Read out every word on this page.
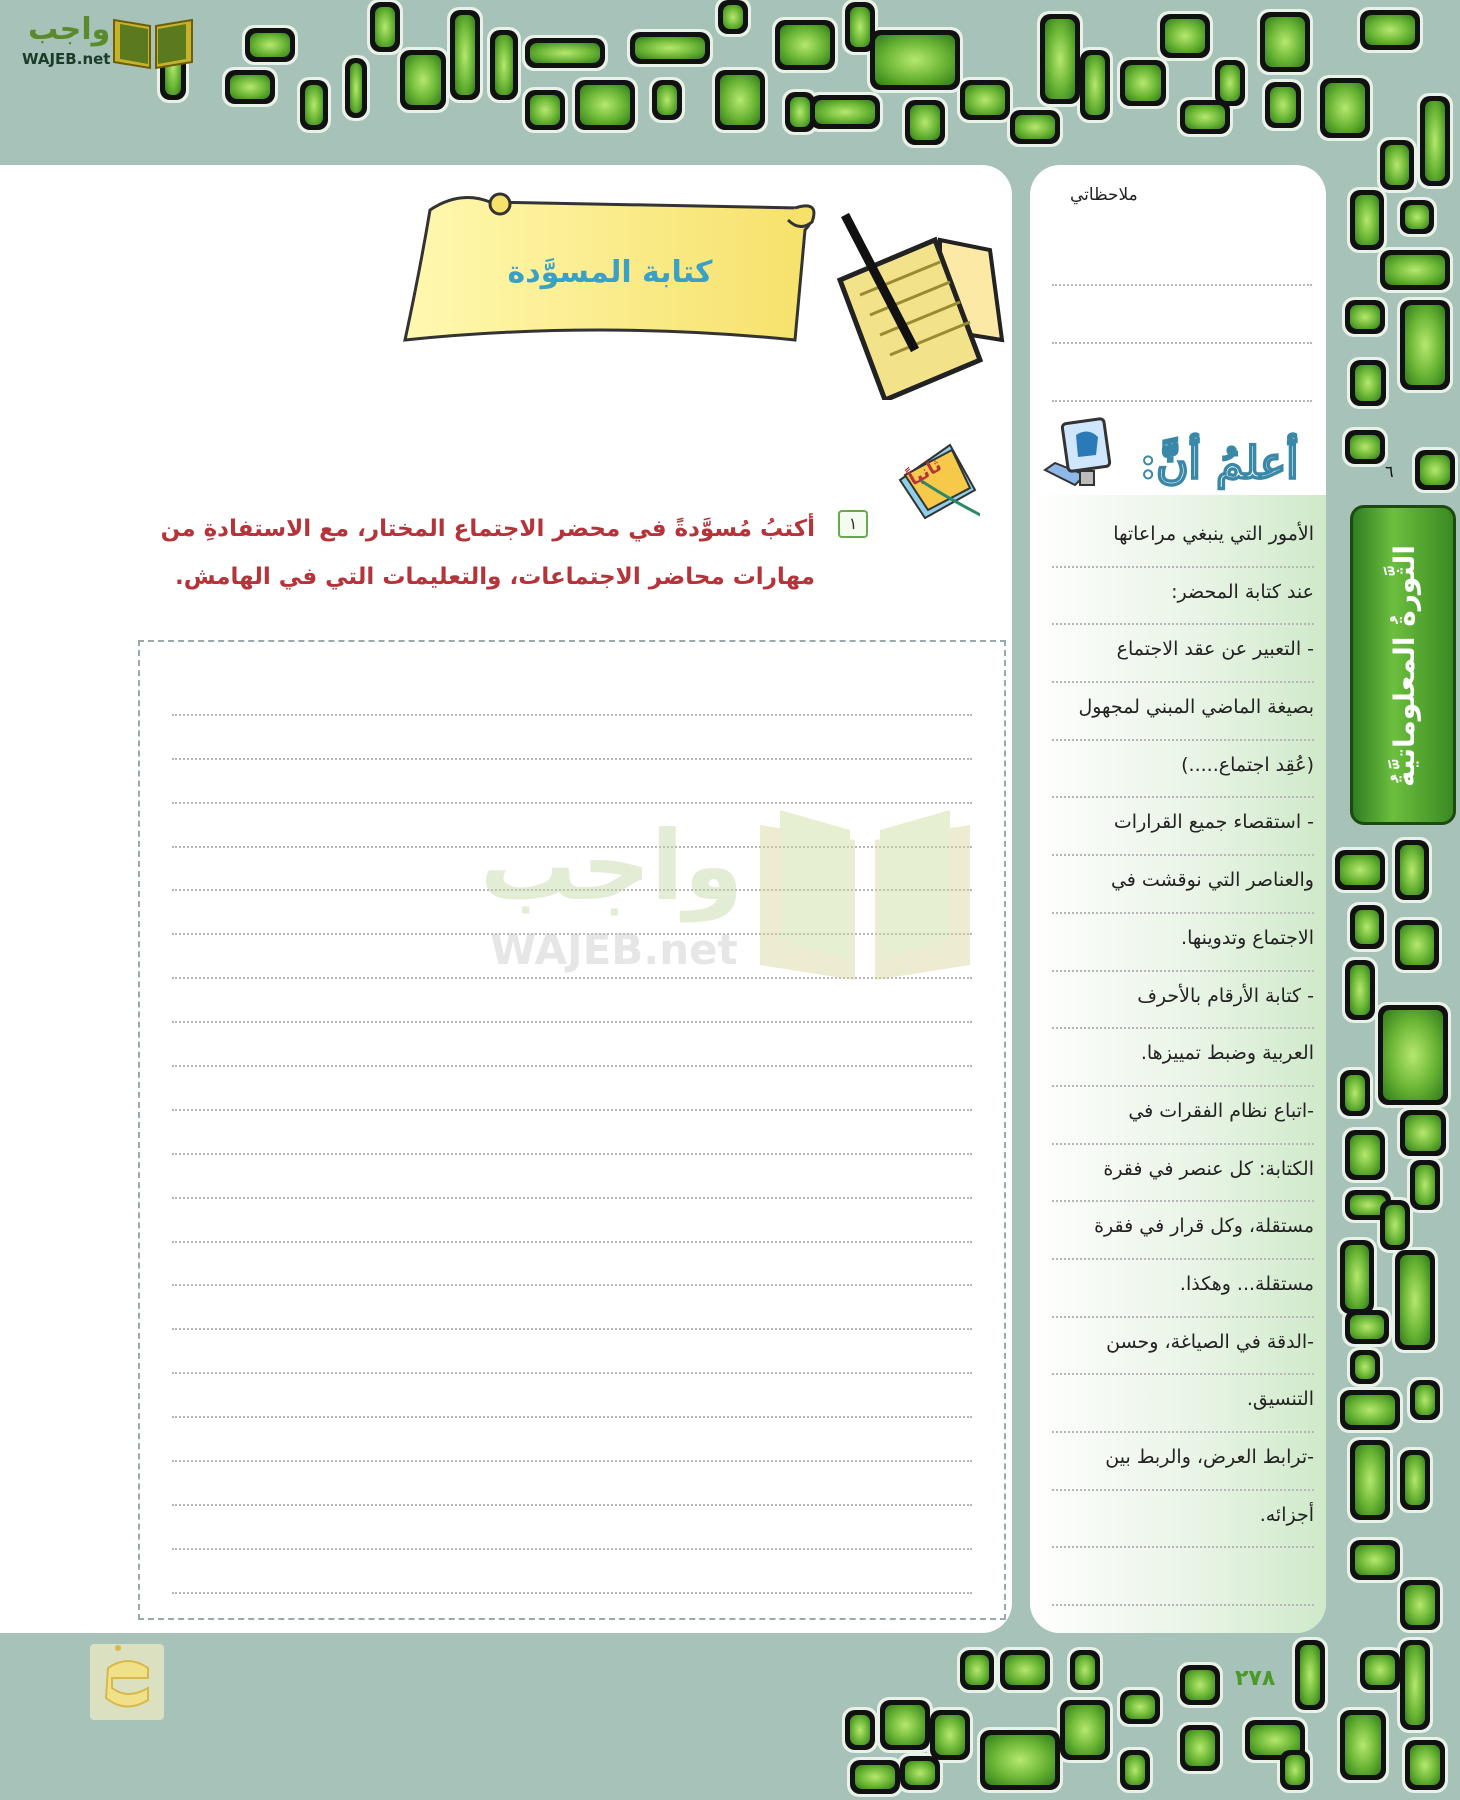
واجب
WAJEB.net
كتابة المسوَّدة
ثانياً
١
أكتبُ مُسوَّدةً في محضر الاجتماع المختار، مع الاستفادةِ من
مهارات محاضر الاجتماعات، والتعليمات التي في الهامش.
واجب
WAJEB.net
ملاحظاتي
أعلمُ أنَّ:
الأمور التي ينبغي مراعاتها
عند كتابة المحضر:
- التعبير عن عقد الاجتماع
بصيغة الماضي المبني لمجهول
(عُقِد اجتماع.....)
- استقصاء جميع القرارات
والعناصر التي نوقشت في
الاجتماع وتدوينها.
- كتابة الأرقام بالأحرف
العربية وضبط تمييزها.
-اتباع نظام الفقرات في
الكتابة: كل عنصر في فقرة
مستقلة، وكل قرار في فقرة
مستقلة... وهكذا.
-الدقة في الصياغة، وحسن
التنسيق.
-ترابط العرض، والربط بين
أجزائه.
الثَّورةُ المعلوماتيَّةُ
٦
٢٧٨
